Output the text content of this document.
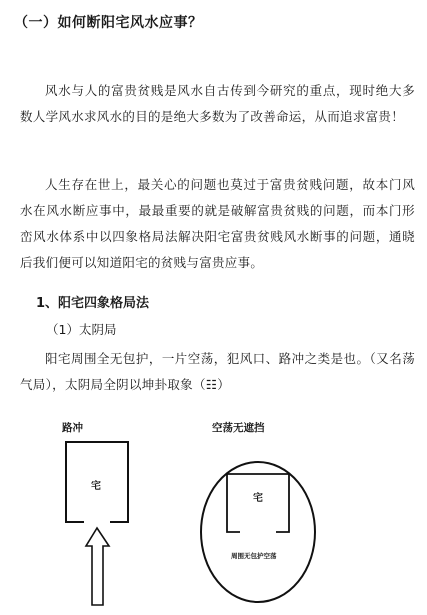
（一）如何断阳宅风水应事？
风水与人的富贵贫贱是风水自古传到今研究的重点，现时绝大多数人学风水求风水的目的是绝大多数为了改善命运，从而追求富贵！
人生存在世上，最关心的问题也莫过于富贵贫贱问题，故本门风水在风水断应事中，最最重要的就是破解富贵贫贱的问题，而本门形峦风水体系中以四象格局法解决阳宅富贵贫贱风水断事的问题，通晓后我们便可以知道阳宅的贫贱与富贵应事。
1、阳宅四象格局法
（1）太阴局
阳宅周围全无包护，一片空荡，犯风口、路冲之类是也。（又名荡气局），太阴局全阴以坤卦取象（☷）
路冲	空荡无遮挡
宅
宅
周围无包护空荡
